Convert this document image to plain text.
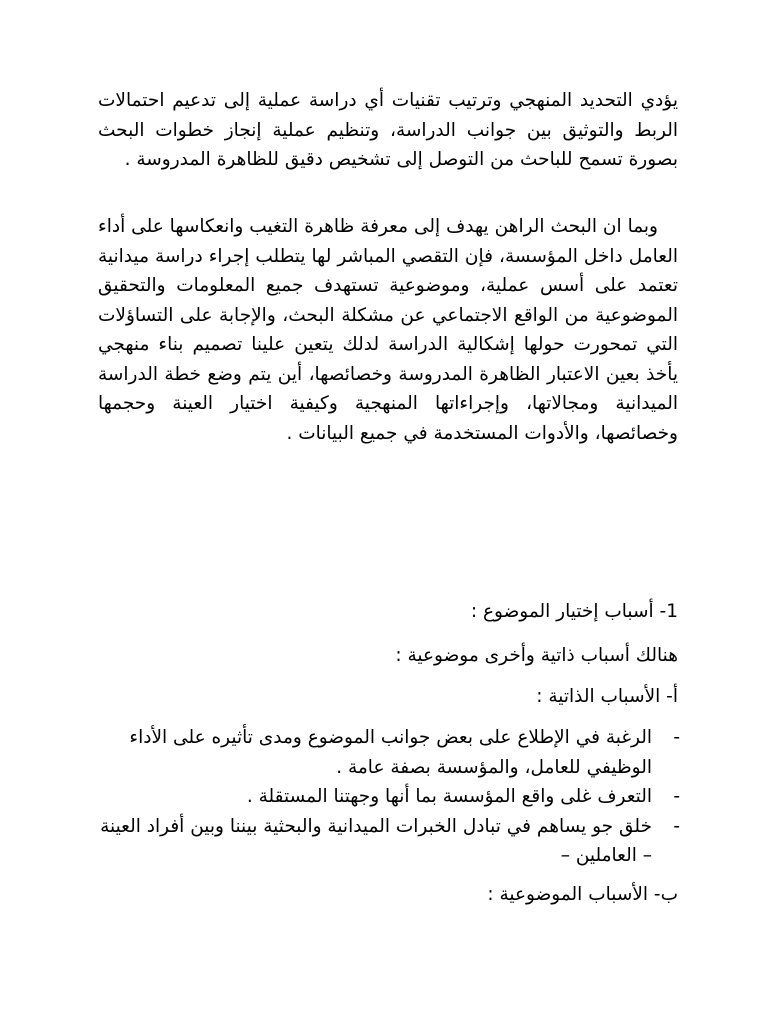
يؤدي التحديد المنهجي وترتيب تقنيات أي دراسة عملية إلى تدعيم احتمالات الربط والتوثيق بين جوانب الدراسة، وتنظيم عملية إنجاز خطوات البحث بصورة تسمح للباحث من التوصل إلى تشخيص دقيق للظاهرة المدروسة .

وبما ان البحث الراهن يهدف إلى معرفة ظاهرة التغيب وانعكاسها على أداء العامل داخل المؤسسة، فإن التقصي المباشر لها يتطلب إجراء دراسة ميدانية تعتمد على أسس عملية، وموضوعية تستهدف جميع المعلومات والتحقيق الموضوعية من الواقع الاجتماعي عن مشكلة البحث، والإجابة على التساؤلات التي تمحورت حولها إشكالية الدراسة لدلك يتعين علينا تصميم بناء منهجي يأخذ بعين الاعتبار الظاهرة المدروسة وخصائصها، أين يتم وضع خطة الدراسة الميدانية ومجالاتها، وإجراءاتها المنهجية وكيفية اختيار العينة وحجمها وخصائصها، والأدوات المستخدمة في جميع البيانات .

1- أسباب إختيار الموضوع :

هنالك أسباب ذاتية وأخرى موضوعية :

أ- الأسباب الذاتية :

-
الرغبة في الإطلاع على بعض جوانب الموضوع ومدى تأثيره على الأداء الوظيفي للعامل، والمؤسسة بصفة عامة .
-
التعرف غلى واقع المؤسسة بما أنها وجهتنا المستقلة .
-
خلق جو يساهم في تبادل الخبرات الميدانية والبحثية بيننا وبين أفراد العينة – العاملين –

ب- الأسباب الموضوعية :
